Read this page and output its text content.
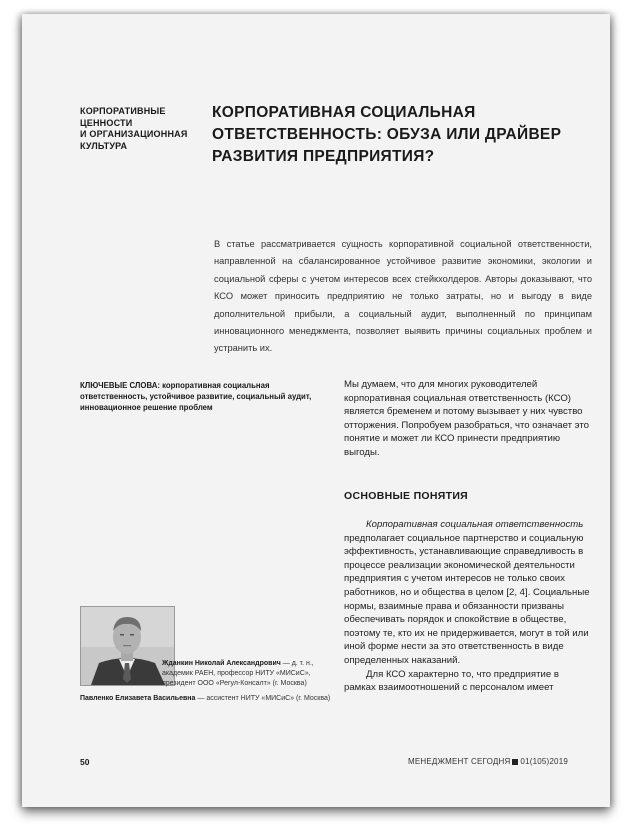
КОРПОРАТИВНЫЕ
ЦЕННОСТИ
И ОРГАНИЗАЦИОННАЯ
КУЛЬТУРА
КОРПОРАТИВНАЯ СОЦИАЛЬНАЯ
ОТВЕТСТВЕННОСТЬ: ОБУЗА ИЛИ ДРАЙВЕР
РАЗВИТИЯ ПРЕДПРИЯТИЯ?
В статье рассматривается сущность корпоративной социальной ответственности, направленной на сбалансированное устойчивое развитие экономики, экологии и социальной сферы с учетом интересов всех стейкхолдеров. Авторы доказывают, что КСО может приносить предприятию не только затраты, но и выгоду в виде дополнительной прибыли, а социальный аудит, выполненный по принципам инновационного менеджмента, позволяет выявить причины социальных проблем и устранить их.
КЛЮЧЕВЫЕ СЛОВА: корпоративная социальная ответственность, устойчивое развитие, социальный аудит, инновационное решение проблем

Мы думаем, что для многих руководителей корпоративная социальная ответственность (КСО) является бременем и потому вызывает у них чувство отторжения. Попробуем разобраться, что означает это понятие и может ли КСО принести предприятию выгоды.

ОСНОВНЫЕ ПОНЯТИЯ

Корпоративная социальная ответственность предполагает социальное партнерство и социальную эффективность, устанавливающие справедливость в процессе реализации экономической деятельности предприятия с учетом интересов не только своих работников, но и общества в целом [2, 4]. Социальные нормы, взаимные права и обязанности призваны обеспечивать порядок и спокойствие в обществе, поэтому те, кто их не придерживается, могут в той или иной форме нести за это ответственность в виде определенных наказаний.

Для КСО характерно то, что предприятие в рамках взаимоотношений с персоналом имеет

Жданкин Николай Александрович — д. т. н., академик РАЕН, профессор НИТУ «МИСиС», президент ООО «Регул-Консалт» (г. Москва)
Павленко Елизавета Васильевна — ассистент НИТУ «МИСиС» (г. Москва)
50	МЕНЕДЖМЕНТ СЕГОДНЯ 01(105)2019
